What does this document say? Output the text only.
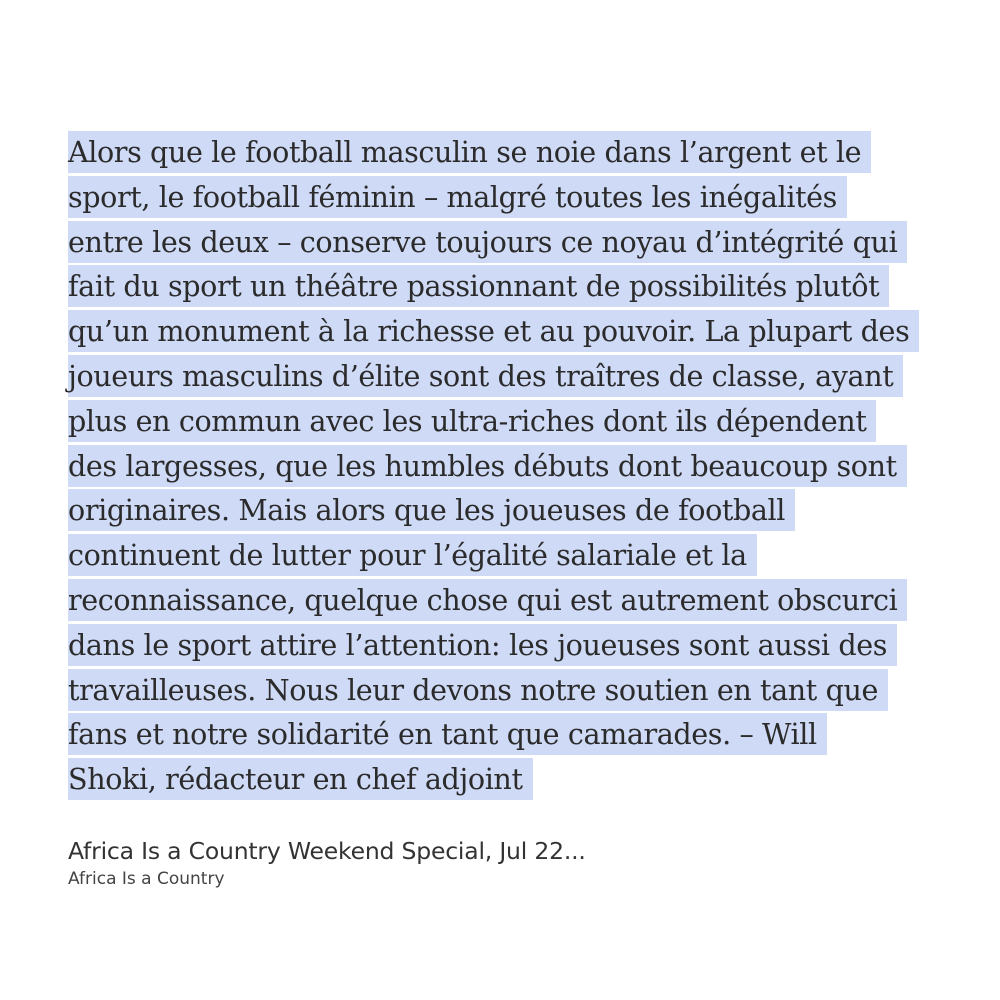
Alors que le football masculin se noie dans l’argent et le
sport, le football féminin – malgré toutes les inégalités
entre les deux – conserve toujours ce noyau d’intégrité qui
fait du sport un théâtre passionnant de possibilités plutôt
qu’un monument à la richesse et au pouvoir. La plupart des
joueurs masculins d’élite sont des traîtres de classe, ayant
plus en commun avec les ultra-riches dont ils dépendent
des largesses, que les humbles débuts dont beaucoup sont
originaires. Mais alors que les joueuses de football
continuent de lutter pour l’égalité salariale et la
reconnaissance, quelque chose qui est autrement obscurci
dans le sport attire l’attention: les joueuses sont aussi des
travailleuses. Nous leur devons notre soutien en tant que
fans et notre solidarité en tant que camarades. – Will
Shoki, rédacteur en chef adjoint

Africa Is a Country Weekend Special, Jul 22...
Africa Is a Country
